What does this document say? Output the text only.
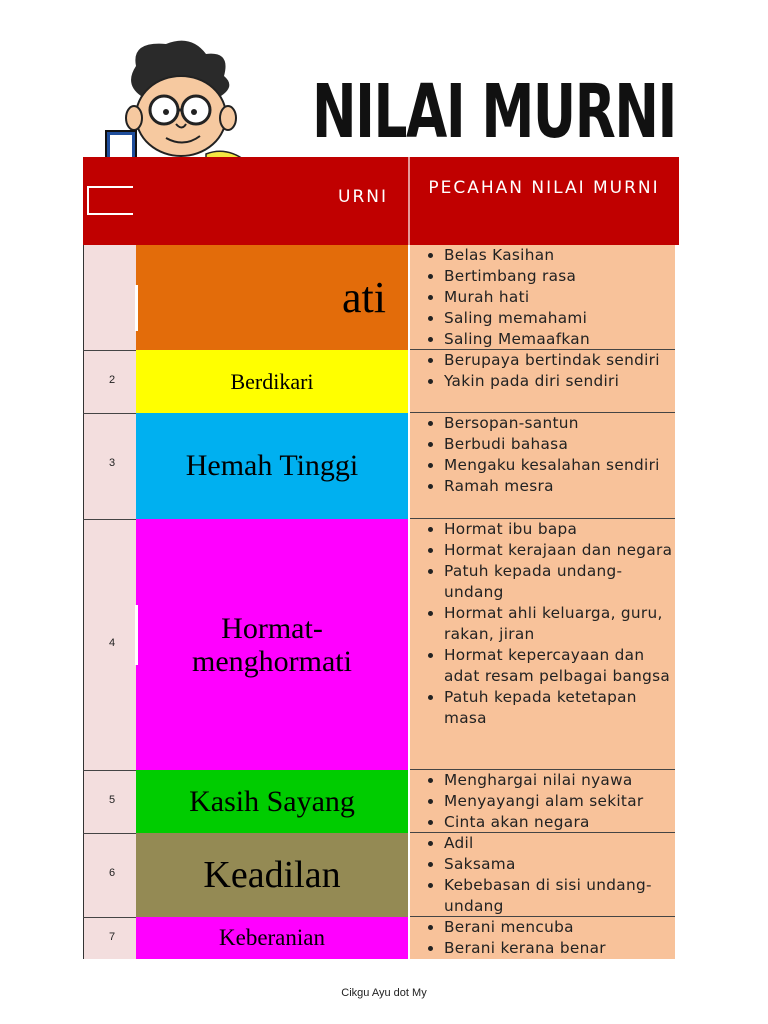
NILAI MURNI
URNI	PECAHAN NILAI MURNI
ati
• Belas Kasihan
• Bertimbang rasa
• Murah hati
• Saling memahami
• Saling Memaafkan
2	Berdikari
• Berupaya bertindak sendiri
• Yakin pada diri sendiri
3 Hemah Tinggi
• Bersopan-santun
• Berbudi bahasa
• Mengaku kesalahan sendiri
• Ramah mesra
4	Hormat-menghormati
• Hormat ibu bapa
• Hormat kerajaan dan negara
• Patuh kepada undang-undang
• Hormat ahli keluarga, guru, rakan, jiran
• Hormat kepercayaan dan adat resam pelbagai bangsa
• Patuh kepada ketetapan masa
5 Kasih Sayang
• Menghargai nilai nyawa
• Menyayangi alam sekitar
• Cinta akan negara
6 Keadilan
• Adil
• Saksama
• Kebebasan di sisi undang-undang
7	Keberanian
•	Berani mencuba
• Berani kerana benar
Cikgu Ayu dot My
